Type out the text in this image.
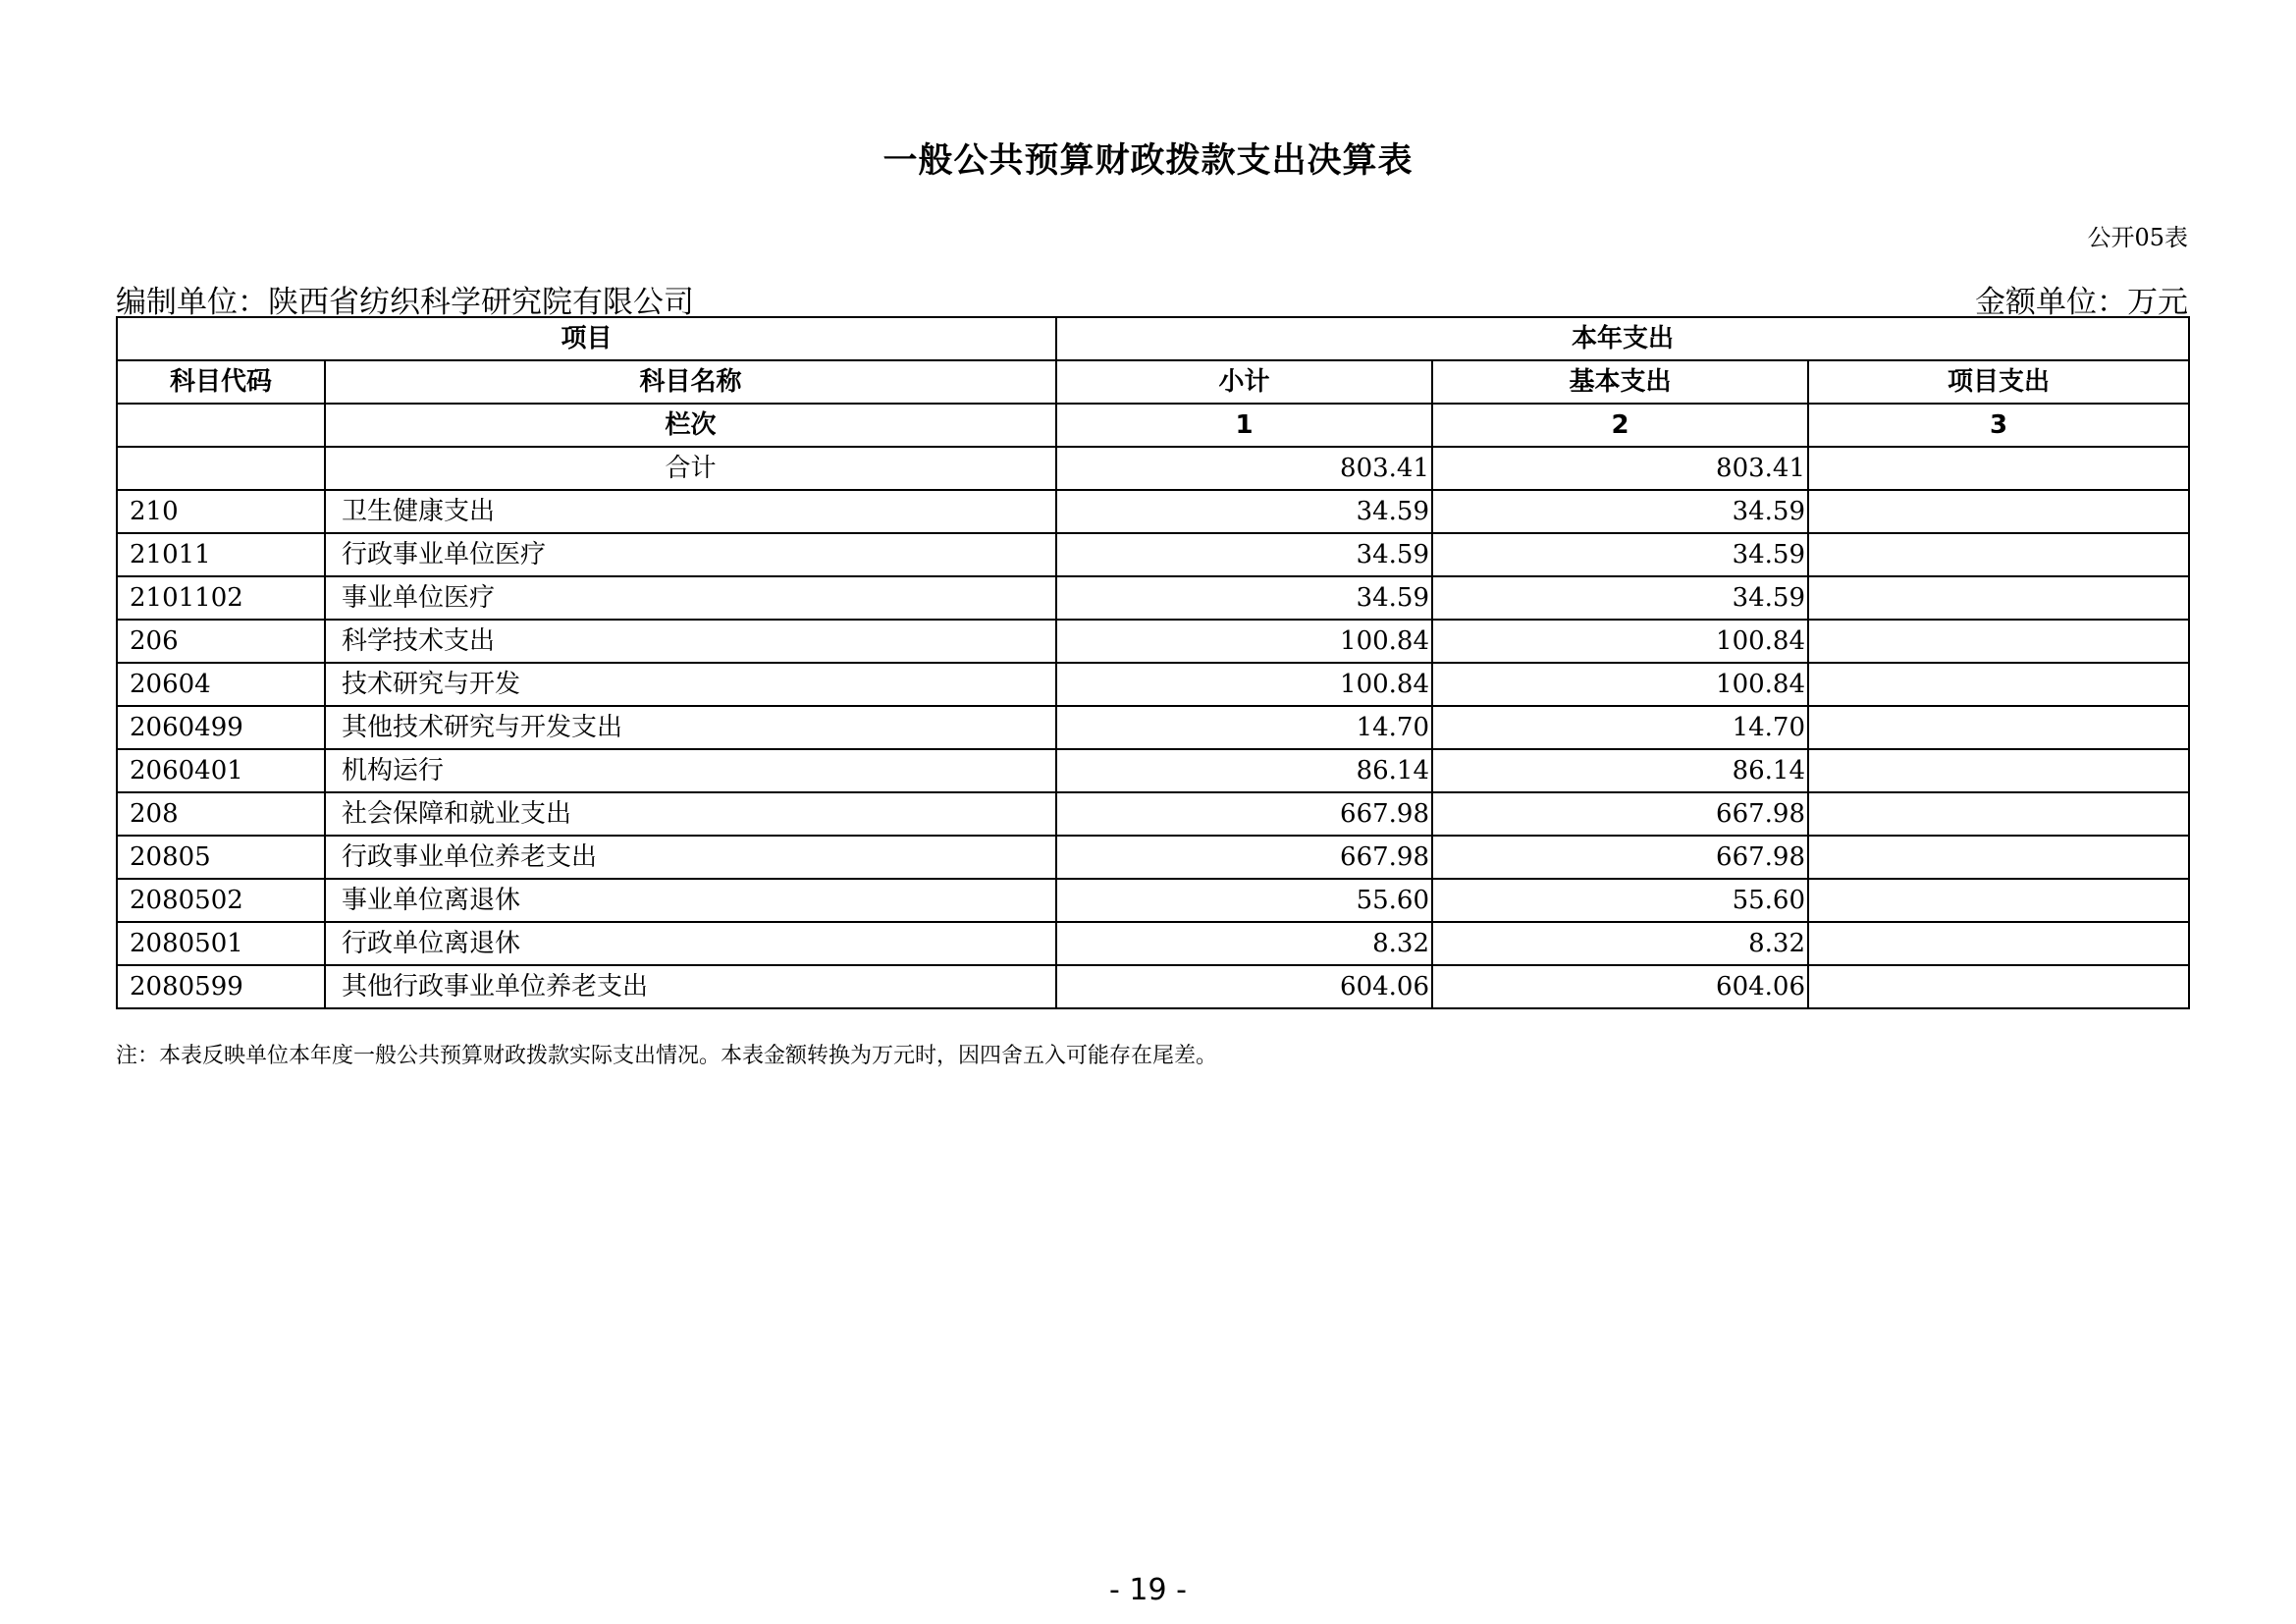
一般公共预算财政拨款支出决算表
公开05表
编制单位：陕西省纺织科学研究院有限公司	金额单位：万元
项目		本年支出		
科目代码	科目名称	小计	基本支出	项目支出
	栏次	1	2	3
	合计	803.41	803.41	
210	卫生健康支出	34.59	34.59	
21011	行政事业单位医疗	34.59	34.59	
2101102	事业单位医疗	34.59	34.59	
206	科学技术支出	100.84	100.84	
20604	技术研究与开发	100.84	100.84	
2060499	其他技术研究与开发支出	14.70	14.70	
2060401	机构运行	86.14	86.14	
208	社会保障和就业支出	667.98	667.98	
20805	行政事业单位养老支出	667.98	667.98	
2080502	事业单位离退休	55.60	55.60	
2080501	行政单位离退休	8.32	8.32	
2080599	其他行政事业单位养老支出	604.06	604.06	
注：本表反映单位本年度一般公共预算财政拨款实际支出情况。本表金额转换为万元时，因四舍五入可能存在尾差。
- 19 -
